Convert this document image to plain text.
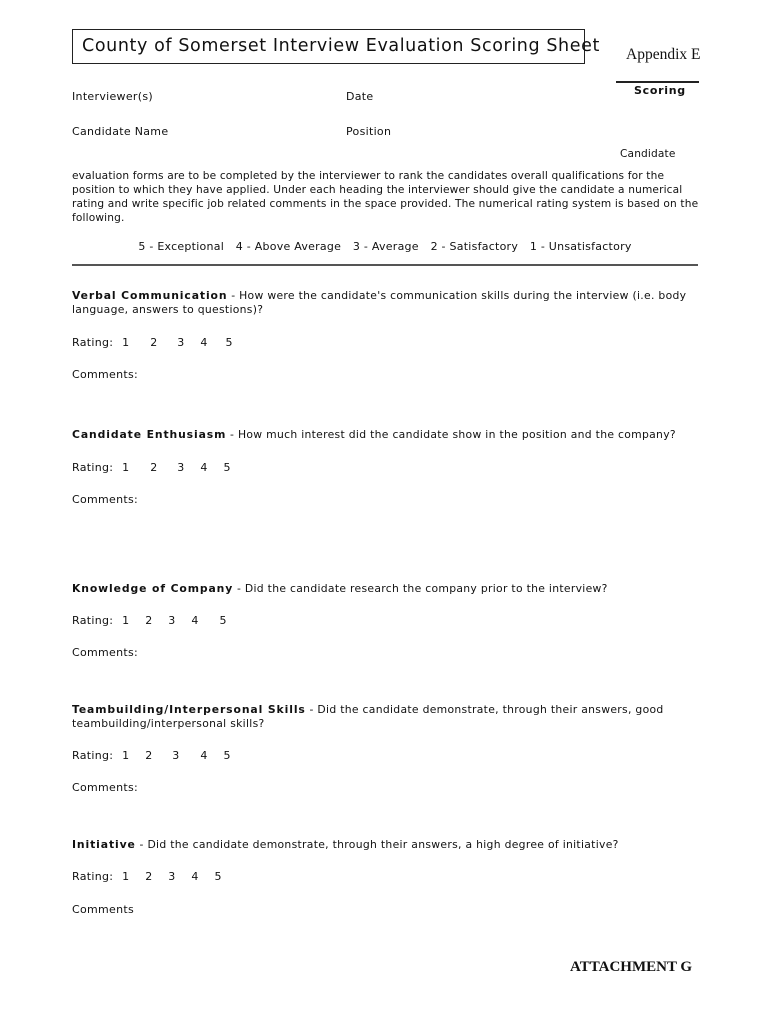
County of Somerset Interview Evaluation Scoring Sheet Appendix E
Scoring
Interviewer(s)	Date
Candidate Name	Position
Candidate
evaluation forms are to be completed by the interviewer to rank the candidates overall qualifications for the position to which they have applied. Under each heading the interviewer should give the candidate a numerical rating and write specific job related comments in the space provided. The numerical rating system is based on the following.
5 - Exceptional 4 - Above Average 3 - Average 2 - Satisfactory 1 - Unsatisfactory
Verbal Communication - How were the candidate's communication skills during the interview (i.e. body language, answers to questions)?
Rating: 1 2 3 4 5
Comments:
Candidate Enthusiasm - How much interest did the candidate show in the position and the company?
Rating: 1 2 3 4 5
Comments:
Knowledge of Company - Did the candidate research the company prior to the interview?
Rating: 1 2 3 4 5
Comments:
Teambuilding/Interpersonal Skills - Did the candidate demonstrate, through their answers, good teambuilding/interpersonal skills?
Rating: 1 2 3 4 5
Comments:
Initiative - Did the candidate demonstrate, through their answers, a high degree of initiative?
Rating: 1 2 3 4 5
Comments
ATTACHMENT G
